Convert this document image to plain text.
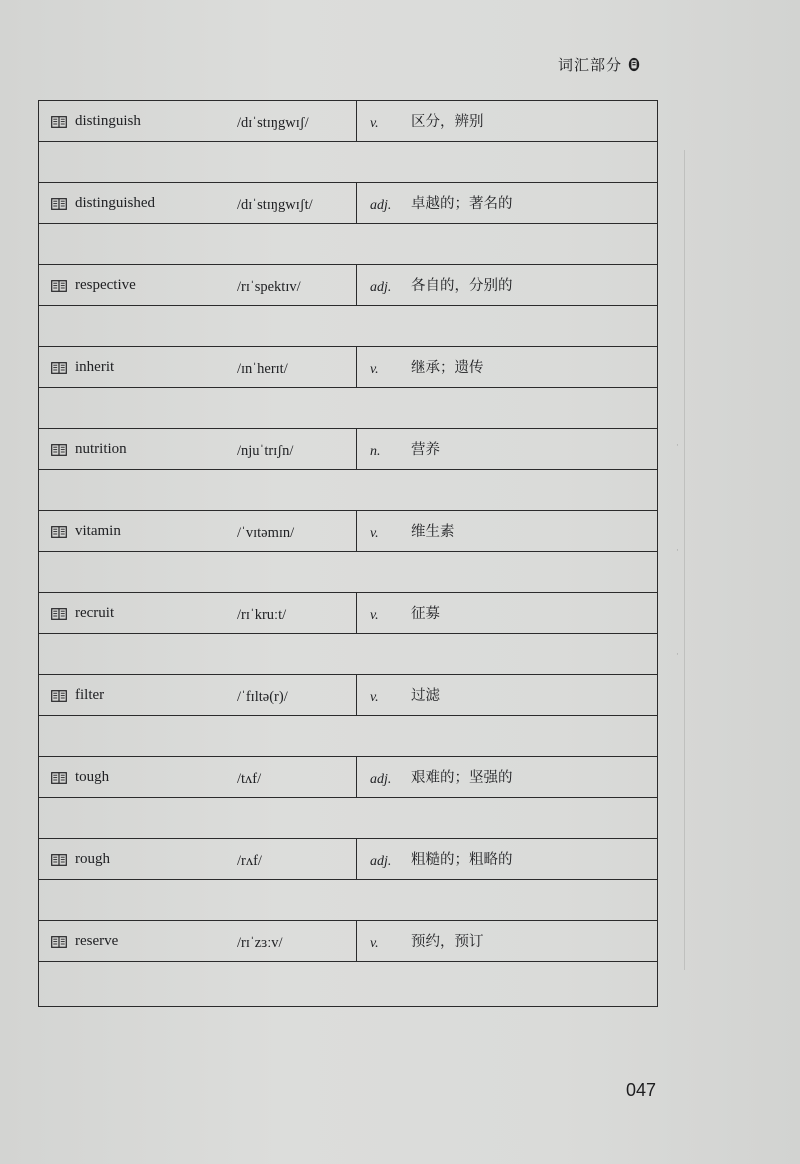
·
·
·
词汇部分
distinguish	/dɪˈstɪŋgwɪʃ/	v. 区分，辨别
distinguished	/dɪˈstɪŋgwɪʃt/	adj. 卓越的；著名的
respective	/rɪˈspektɪv/	adj. 各自的，分别的
inherit	/ɪnˈherɪt/	v. 继承；遗传
nutrition	/njuˈtrɪʃn/	n. 营养
vitamin	/ˈvɪtəmɪn/	v. 维生素
recruit	/rɪˈkruːt/	v. 征募
filter	/ˈfɪltə(r)/	v. 过滤
tough	/tʌf/	adj. 艰难的；坚强的
rough	/rʌf/	adj. 粗糙的；粗略的
reserve	/rɪˈzɜːv/	v. 预约，预订
047
